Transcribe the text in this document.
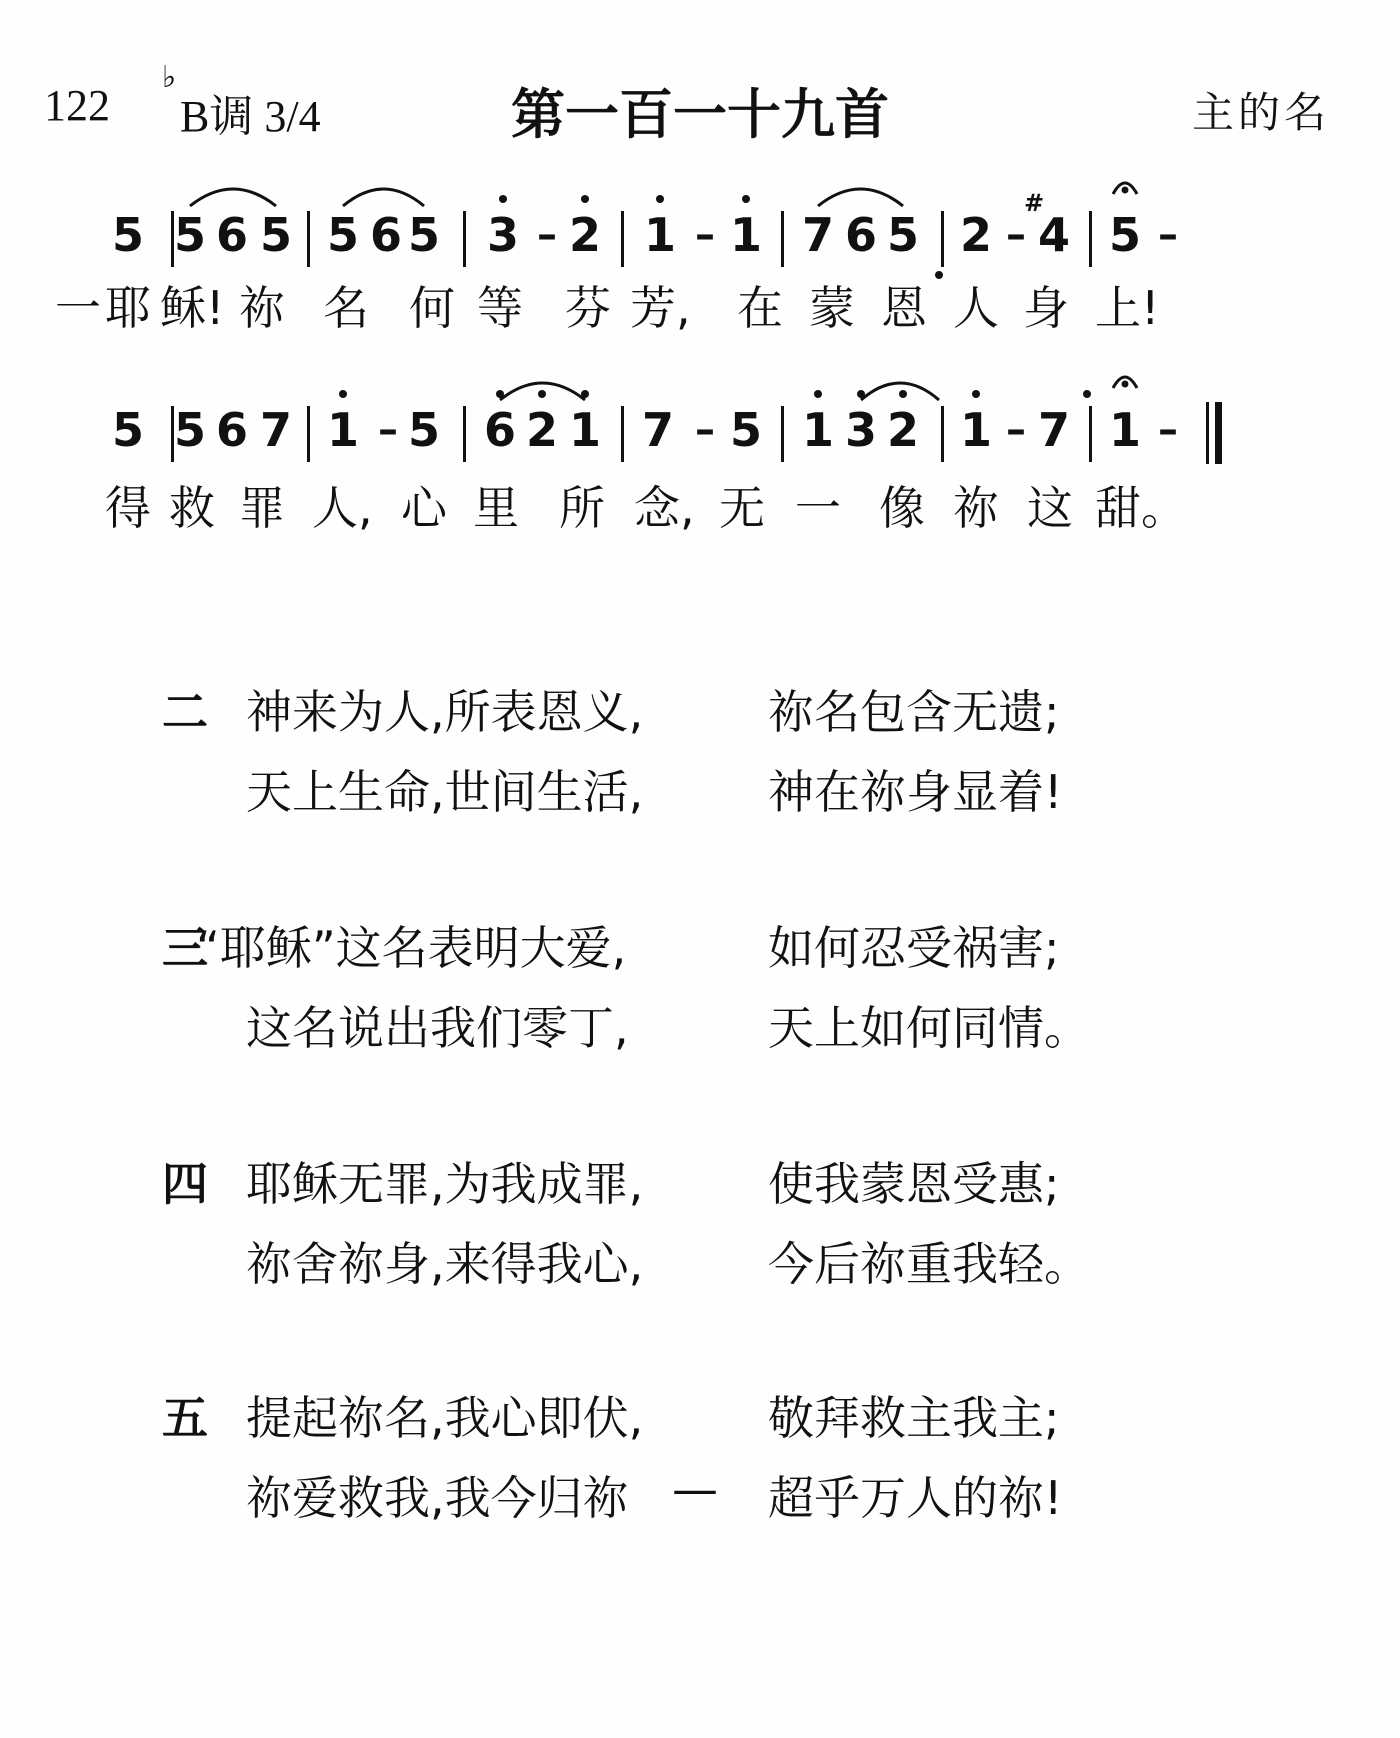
122
♭
B调 3/4	第一百一十九首	主的名
5 5 6 5 5 6 5 3 – 2 1 – 1 7 6 5 2 – 4 5 –
#
一 耶 稣! 祢 名 何 等 芬 芳, 在 蒙 恩 人 身 上!
5 5 6 7 1 – 5 6 2 1 7 – 5 1 3 2 1 – 7 1 –
得 救 罪 人, 心 里 所 念, 无 一 像 祢 这 甜。
二 神来为人,所表恩义,	祢名包含无遗;
天上生命,世间生活,	神在祢身显着!
三
“耶稣”这名表明大爱,	如何忍受祸害;
这名说出我们零丁,	天上如何同情。
四 耶稣无罪,为我成罪,	使我蒙恩受惠;
祢舍祢身,来得我心,	今后祢重我轻。
五 提起祢名,我心即伏,	敬拜救主我主;
祢爱救我,我今归祢	超乎万人的祢!
—
